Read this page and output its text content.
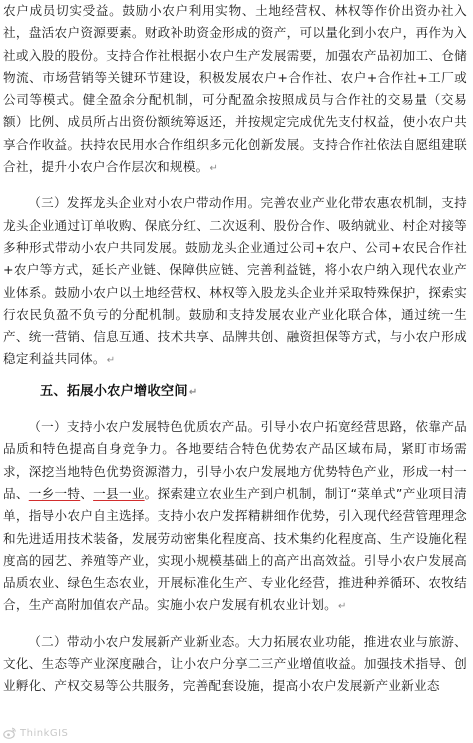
农户成员切实受益。鼓励小农户利用实物、土地经营权、林权等作价出资办社入社，盘活农户资源要素。财政补助资金形成的资产，可以量化到小农户，再作为入社或入股的股份。支持合作社根据小农户生产发展需要，加强农产品初加工、仓储物流、市场营销等关键环节建设，积极发展农户+合作社、农户+合作社+工厂或公司等模式。健全盈余分配机制，可分配盈余按照成员与合作社的交易量（交易额）比例、成员所占出资份额统筹返还，并按规定完成优先支付权益，使小农户共享合作收益。扶持农民用水合作组织多元化创新发展。支持合作社依法自愿组建联合社，提升小农户合作层次和规模。↵

（三）发挥龙头企业对小农户带动作用。完善农业产业化带农惠农机制，支持龙头企业通过订单收购、保底分红、二次返利、股份合作、吸纳就业、村企对接等多种形式带动小农户共同发展。鼓励龙头企业通过公司+农户、公司+农民合作社+农户等方式，延长产业链、保障供应链、完善利益链，将小农户纳入现代农业产业体系。鼓励小农户以土地经营权、林权等入股龙头企业并采取特殊保护，探索实行农民负盈不负亏的分配机制。鼓励和支持发展农业产业化联合体，通过统一生产、统一营销、信息互通、技术共享、品牌共创、融资担保等方式，与小农户形成稳定利益共同体。↵

五、拓展小农户增收空间↵

（一）支持小农户发展特色优质农产品。引导小农户拓宽经营思路，依靠产品品质和特色提高自身竞争力。各地要结合特色优势农产品区域布局，紧盯市场需求，深挖当地特色优势资源潜力，引导小农户发展地方优势特色产业，形成一村一品、一乡一特、一县一业。探索建立农业生产到户机制，制订“菜单式”产业项目清单，指导小农户自主选择。支持小农户发挥精耕细作优势，引入现代经营管理理念和先进适用技术装备，发展劳动密集化程度高、技术集约化程度高、生产设施化程度高的园艺、养殖等产业，实现小规模基础上的高产出高效益。引导小农户发展高品质农业、绿色生态农业，开展标准化生产、专业化经营，推进种养循环、农牧结合，生产高附加值农产品。实施小农户发展有机农业计划。↵

（二）带动小农户发展新产业新业态。大力拓展农业功能，推进农业与旅游、文化、生态等产业深度融合，让小农户分享二三产业增值收益。加强技术指导、创业孵化、产权交易等公共服务，完善配套设施，提高小农户发展新产业新业态

ThinkGIS
